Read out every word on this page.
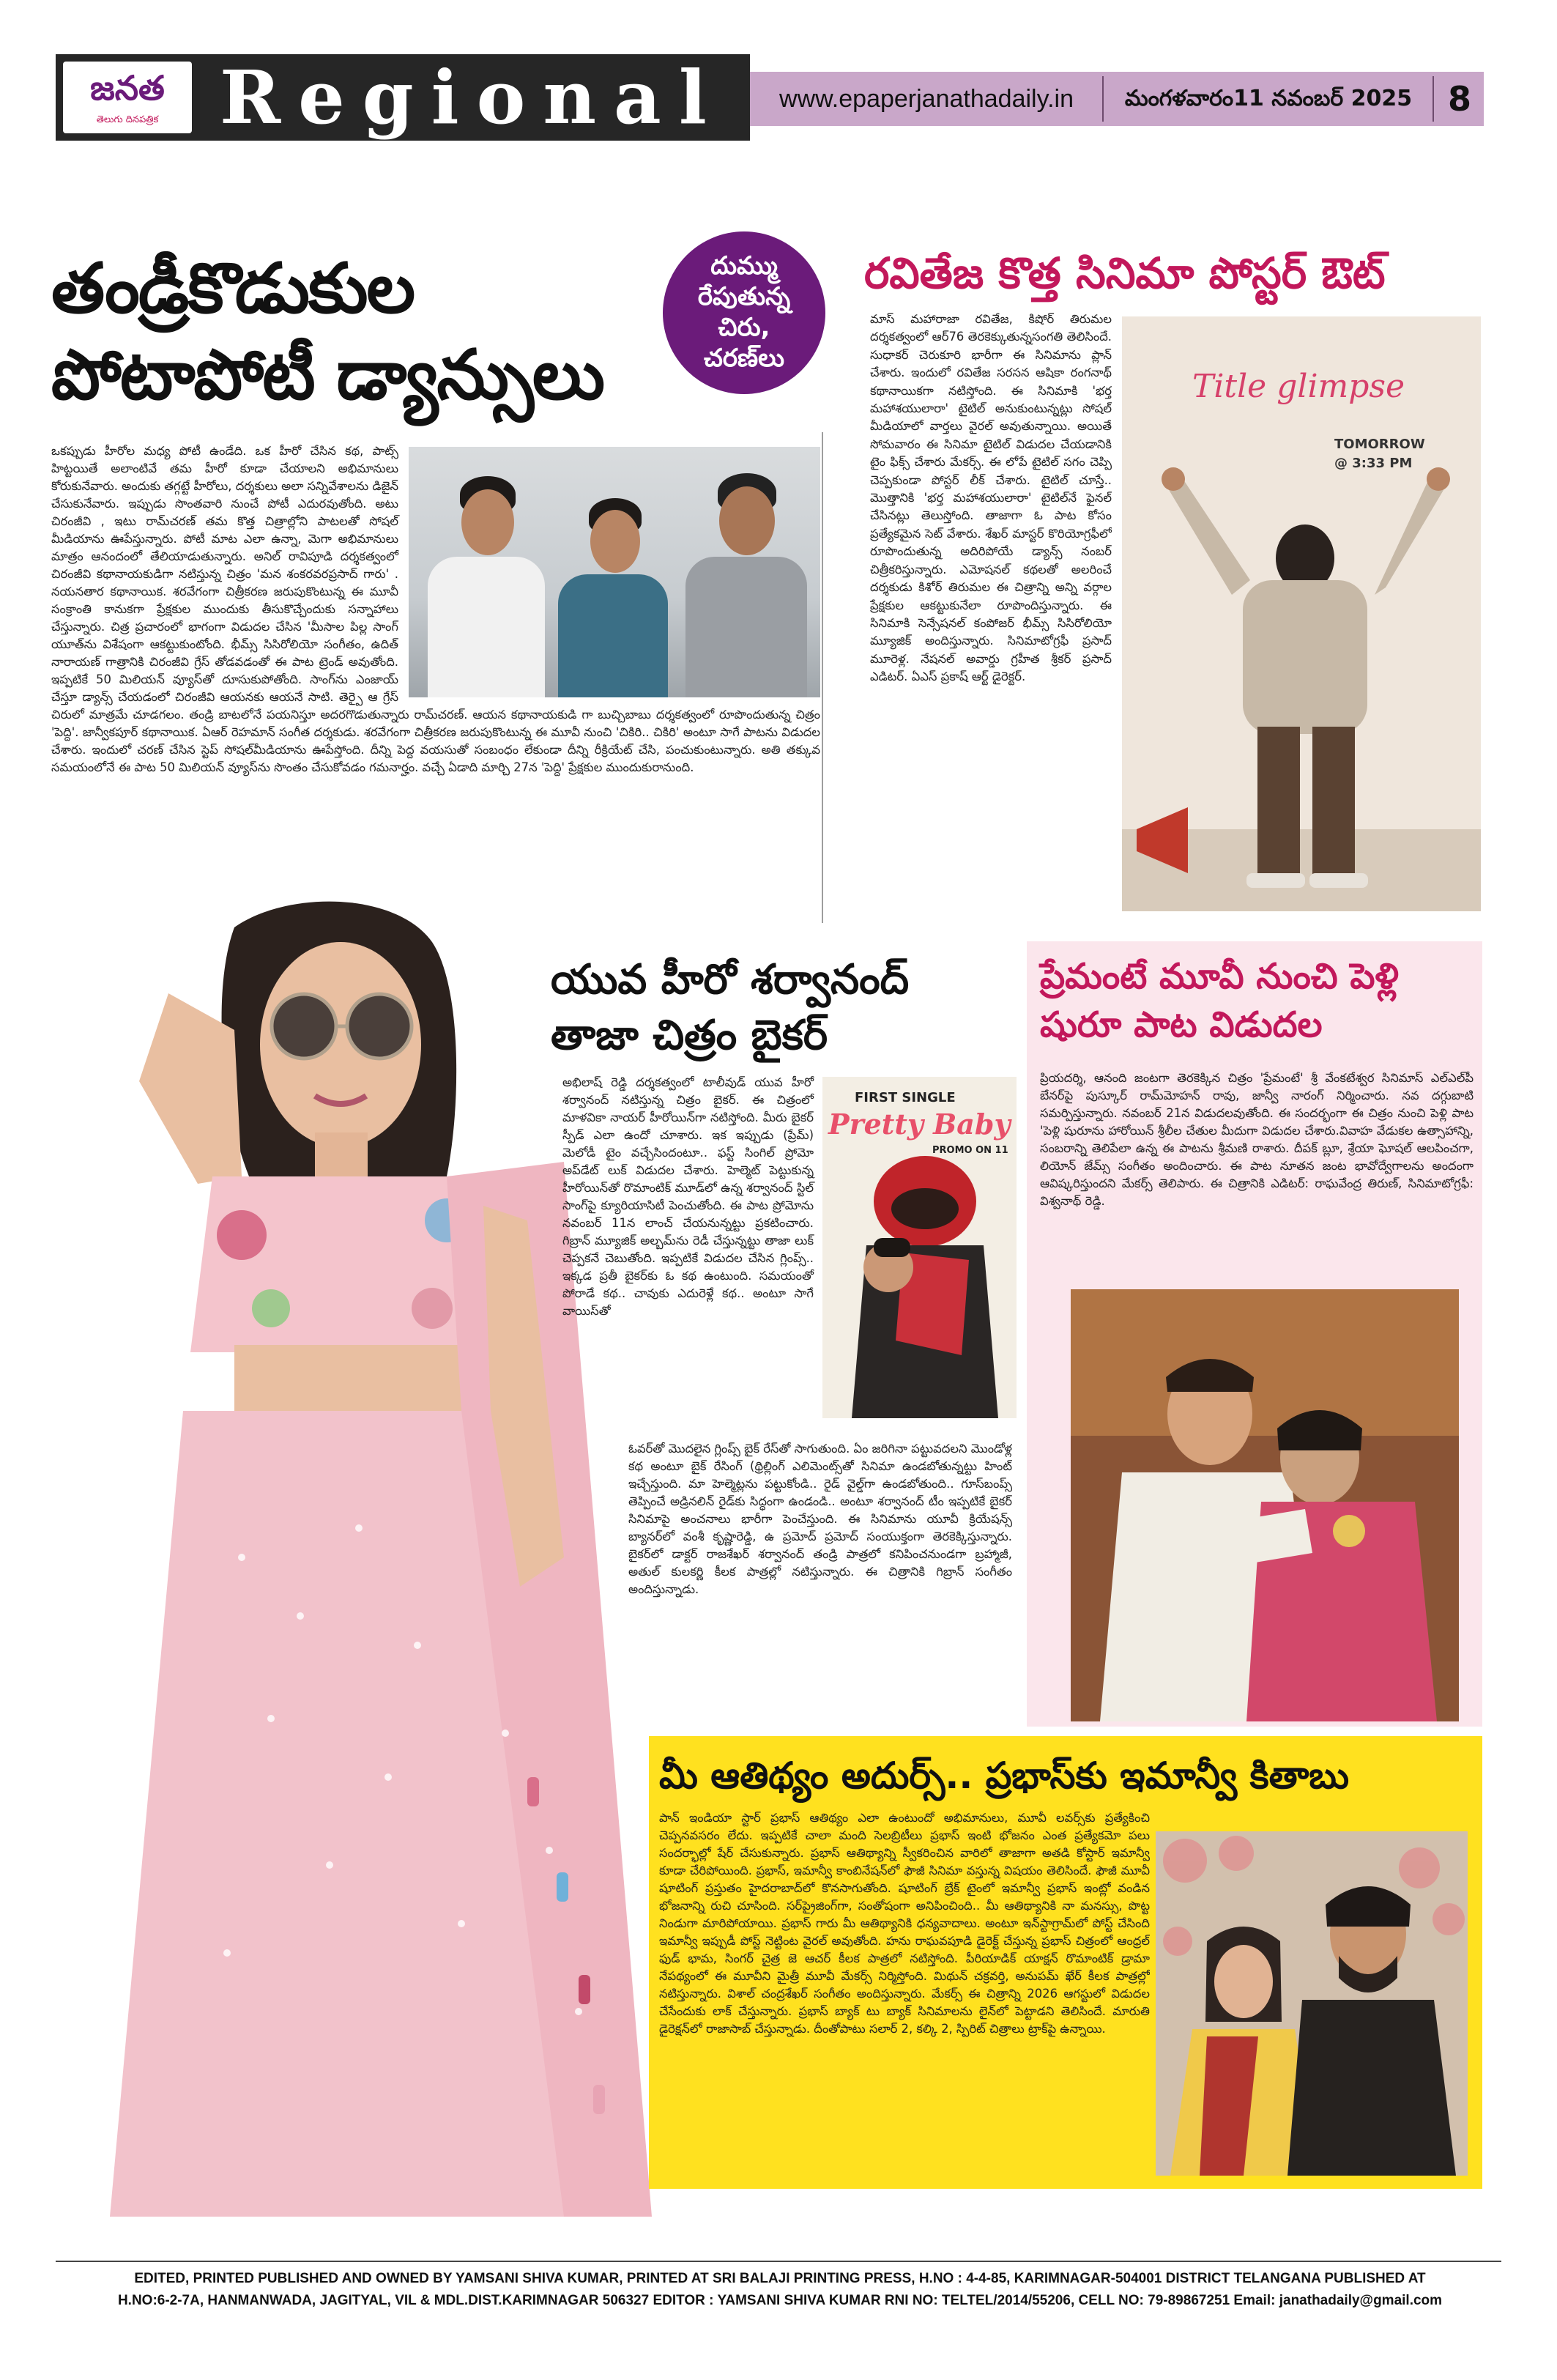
జనత
తెలుగు దినపత్రిక Regional	www.epaperjanathadaily.in	మంగళవారం11 నవంబర్ 2025	8
తండ్రీకొడుకుల పోటాపోటీ డ్యాన్సులు
దుమ్ము
రేపుతున్న
చిరు,
చరణ్‌లు
ఒకప్పుడు హీరోల మధ్య పోటీ ఉండేది. ఒక హీరో చేసిన కథ, పాట్స్‌ హిట్టయితే అలాంటివే తమ హీరో కూడా చేయాలని అభిమానులు కోరుకునేవారు. అందుకు తగ్గట్టే హీరోలు, దర్శకులు అలా సన్నివేశాలను డిజైన్‌ చేసుకునేవారు. ఇప్పుడు సొంతవారి నుంచే పోటీ ఎదురవుతోంది. అటు చిరంజీవి , ఇటు రామ్‌చరణ్‌ తమ కొత్త చిత్రాల్లోని పాటలతో సోషల్‌ మీడియాను ఊపేస్తున్నారు. పోటీ మాట ఎలా ఉన్నా, మెగా అభిమానులు మాత్రం ఆనందంలో తేలియాడుతున్నారు. అనిల్‌ రావిపూడి దర్శకత్వంలో చిరంజీవి కథానాయకుడిగా నటిస్తున్న చిత్రం 'మన శంకరవరప్రసాద్‌ గారు' . నయనతార కథానాయిక. శరవేగంగా చిత్రీకరణ జరుపుకొంటున్న ఈ మూవీ సంక్రాంతి కానుకగా ప్రేక్షకుల ముందుకు తీసుకొచ్చేందుకు సన్నాహాలు చేస్తున్నారు. చిత్ర ప్రచారంలో భాగంగా విడుదల చేసిన 'మీసాల పిల్ల సాంగ్‌ యూత్‌ను విశేషంగా ఆకట్టుకుంటోంది. భీమ్స్‌ సిసిరోలియో సంగీతం, ఉదిత్‌ నారాయణ్‌ గాత్రానికి చిరంజీవి గ్రేస్‌ తోడవడంతో ఈ పాట ట్రెండ్‌ అవుతోంది. ఇప్పటికే 50 మిలియన్‌ వ్యూస్‌తో దూసుకుపోతోంది. సాంగ్‌ను ఎంజాయ్‌ చేస్తూ డ్యాన్స్‌ చేయడంలో చిరంజీవి ఆయనకు ఆయనే సాటి. తెర్పై ఆ గ్రేస్‌ చిరులో మాత్రమే చూడగలం. తండ్రి బాటలోనే పయనిస్తూ అదరగొడుతున్నారు రామ్‌చరణ్‌. ఆయన కథానాయకుడి గా బుచ్చిబాబు దర్శకత్వంలో రూపొందుతున్న చిత్రం 'పెద్ది'. జాన్వీకపూర్‌ కథానాయిక. ఏఆర్‌ రెహమాన్‌ సంగీత దర్శకుడు. శరవేగంగా చిత్రీకరణ జరుపుకొంటున్న ఈ మూవీ నుంచి 'చికిరి.. చికిరి' అంటూ సాగే పాటను విడుదల చేశారు. ఇందులో చరణ్‌ చేసిన స్టెప్‌ సోషల్‌మీడియాను ఊపేస్తోంది. దీన్ని పెద్ద వయసుతో సంబంధం లేకుండా దీన్ని రీక్రియేట్‌ చేసి, పంచుకుంటున్నారు. అతి తక్కువ సమయంలోనే ఈ పాట 50 మిలియన్‌ వ్యూస్‌ను సొంతం చేసుకోవడం గమనార్హం. వచ్చే ఏడాది మార్చి 27న 'పెద్ది' ప్రేక్షకుల ముందుకురానుంది.
రవితేజ కొత్త సినిమా పోస్టర్‌ ఔట్‌
మాస్‌ మహారాజా రవితేజ, కిషోర్‌ తిరుమల దర్శకత్వంలో ఆర్‌76 తెరకెక్కుతున్నసంగతి తెలిసిందే. సుధాకర్‌ చెరుకూరి భారీగా ఈ సినిమాను ప్లాన్‌ చేశారు. ఇందులో రవితేజ సరసన ఆషికా రంగనాథ్‌ కథానాయికగా నటిస్తోంది. ఈ సినిమాకి 'భర్త మహాశయులారా' టైటిల్‌ అనుకుంటున్నట్లు సోషల్‌ మీడియాలో వార్తలు వైరల్‌ అవుతున్నాయి. అయితే సోమవారం ఈ సినిమా టైటిల్‌ విడుదల చేయడానికి టైం ఫిక్స్‌ చేశారు మేకర్స్‌. ఈ లోపే టైటిల్‌ సగం చెప్పి చెప్పకుండా పోస్టర్‌ లీక్‌ చేశారు. టైటిల్‌ చూస్తే.. మొత్తానికి 'భర్త మహాశయులారా' టైటిల్‌నే ఫైనల్‌ చేసినట్లు తెలుస్తోంది. తాజాగా ఓ పాట కోసం ప్రత్యేకమైన సెట్‌ వేశారు. శేఖర్‌ మాస్టర్‌ కొరియోగ్రఫీలో రూపొందుతున్న అదిరిపోయే డ్యాన్స్‌ నంబర్‌ చిత్రీకరిస్తున్నారు. ఎమోషనల్‌ కథలతో అలరించే దర్శకుడు కిశోర్‌ తిరుమల ఈ చిత్రాన్ని అన్ని వర్గాల ప్రేక్షకుల ఆకట్టుకునేలా రూపొందిస్తున్నారు. ఈ సినిమాకి సెన్సేషనల్‌ కంపోజర్‌ భీమ్స్‌ సిసిరోలియో మ్యూజిక్‌ అందిస్తున్నారు. సినిమాటోగ్రఫీ ప్రసాద్‌ మూరెళ్ల. నేషనల్‌ అవార్డు గ్రహీత శ్రీకర్‌ ప్రసాద్‌ ఎడిటర్‌. ఏఎస్‌ ప్రకాష్‌ ఆర్ట్‌ డైరెక్టర్‌.
Title glimpse
TOMORROW
@ 3:33 PM
యువ హీరో శర్వానంద్‌ తాజా చిత్రం బైకర్‌
FIRST SINGLE
Pretty Baby
PROMO ON 11
అభిలాష్‌ రెడ్డి దర్శకత్వంలో టాలీవుడ్‌ యువ హీరో శర్వానంద్‌ నటిస్తున్న చిత్రం బైకర్‌. ఈ చిత్రంలో మాళవికా నాయర్‌ హీరోయిన్‌గా నటిస్తోంది. మీరు బైకర్‌ స్పీడ్‌ ఎలా ఉందో చూశారు. ఇక ఇప్పుడు (ప్రేమ్‌) మెలోడీ టైం వచ్చేసిందంటూ.. ఫస్ట్‌ సింగిల్‌ ప్రోమో అప్‌డేట్‌ లుక్‌ విడుదల చేశారు. హెల్మెట్‌ పెట్టుకున్న హీరోయిన్‌తో రొమాంటిక్‌ మూడ్‌లో ఉన్న శర్వానంద్‌ స్టిల్‌ సాంగ్‌పై క్యూరియాసిటీ పెంచుతోంది. ఈ పాట ప్రోమోను నవంబర్‌ 11న లాంచ్‌ చేయనున్నట్టు ప్రకటించారు. గిబ్రాన్‌ మ్యూజిక్‌ అల్బమ్‌ను రెడీ చేస్తున్నట్టు తాజా లుక్‌ చెప్పకనే చెబుతోంది. ఇప్పటికే విడుదల చేసిన గ్లింప్స్‌.. ఇక్కడ ప్రతీ బైకర్‌కు ఓ కథ ఉంటుంది. సమయంతో పోరాడే కథ.. చావుకు ఎదురెళ్లే కథ.. అంటూ సాగే వాయిస్‌తో
ఓవర్‌తో మొదలైన గ్లింప్స్‌ బైక్‌ రేస్‌తో సాగుతుంది. ఏం జరిగినా పట్టువదలని మొండోళ్ల కథ అంటూ బైక్‌ రేసింగ్‌ (థ్రిల్లింగ్‌ ఎలిమెంట్స్‌తో సినిమా ఉండబోతున్నట్టు హింట్‌ ఇచ్చేస్తుంది. మా హెల్మెట్లను పట్టుకోండి.. రైడ్‌ వైల్డ్‌గా ఉండబోతుంది.. గూస్‌బంప్స్‌ తెప్పించే అడ్రినలిన్‌ రైడ్‌కు సిద్ధంగా ఉండండి.. అంటూ శర్వానంద్‌ టీం ఇప్పటికే బైకర్‌ సినిమాపై అంచనాలు భారీగా పెంచేస్తుంది. ఈ సినిమాను యూవీ క్రియేషన్స్‌ బ్యానర్‌లో వంశీ కృష్ణారెడ్డి, ఉ ప్రమోద్‌ ప్రమోద్‌ సంయుక్తంగా తెరకెక్కిస్తున్నారు. బైకర్‌లో డాక్టర్‌ రాజశేఖర్‌ శర్వానంద్‌ తండ్రి పాత్రలో కనిపించనుండగా బ్రహ్మాజీ, అతుల్‌ కులకర్ణి కీలక పాత్రల్లో నటిస్తున్నారు. ఈ చిత్రానికి గిబ్రాన్‌ సంగీతం అందిస్తున్నాడు.
ప్రేమంటే మూవీ నుంచి పెళ్లి షురూ పాట విడుదల
ప్రియదర్శి, ఆనంది జంటగా తెరకెక్కిన చిత్రం 'ప్రేమంటే' శ్రీ వేంకటేశ్వర సినిమాస్‌ ఎల్‌ఎల్‌పీ బేనర్‌పై పుస్కూర్‌ రామ్‌మోహన్‌ రావు, జాన్వీ నారంగ్‌ నిర్మించారు. నవ దగ్గుబాటి సమర్పిస్తున్నారు. నవంబర్‌ 21న విడుదలవుతోంది. ఈ సందర్భంగా ఈ చిత్రం నుంచి పెళ్లి పాట 'పెళ్లి షురూను హారోయిన్‌ శ్రీలీల చేతుల మీదుగా విడుదల చేశారు.వివాహ వేడుకల ఉత్సాహాన్ని, సంబరాన్ని తెలిపేలా ఉన్న ఈ పాటను శ్రీమణి రాశారు. దీపక్‌ బ్లూ, శ్రేయా ఘోషల్‌ ఆలపించగా, లియోన్‌ జేమ్స్‌ సంగీతం అందించారు. ఈ పాట నూతన జంట భావోద్వేగాలను అందంగా ఆవిష్కరిస్తుందని మేకర్స్‌ తెలిపారు. ఈ చిత్రానికి ఎడిటర్‌: రాఘవేంద్ర తిరుణ్‌, సినిమాటోగ్రఫీ: విశ్వనాథ్‌ రెడ్డి.
మీ ఆతిథ్యం అదుర్స్‌.. ప్రభాస్‌కు ఇమాన్వీ కితాబు
పాన్‌ ఇండియా స్టార్‌ ప్రభాస్‌ ఆతిథ్యం ఎలా ఉంటుందో అభిమానులు, మూవీ లవర్స్‌కు ప్రత్యేకించి చెప్పనవసరం లేదు. ఇప్పటికే చాలా మంది సెలబ్రిటీలు ప్రభాస్‌ ఇంటి భోజనం ఎంత ప్రత్యేకమో పలు సందర్భాల్లో షేర్‌ చేసుకున్నారు. ప్రభాస్‌ ఆతిథ్యాన్ని స్వీకరించిన వారిలో తాజాగా అతడి కోస్టార్‌ ఇమాన్వీ కూడా చేరిపోయింది. ప్రభాస్‌, ఇమాన్వీ కాంబినేషన్‌లో ఫౌజీ సినిమా వస్తున్న విషయం తెలిసిందే. ఫౌజీ మూవీ షూటింగ్‌ ప్రస్తుతం హైదరాబాద్‌లో కొనసాగుతోంది. షూటింగ్‌ బ్రేక్‌ టైంలో ఇమాన్వీ ప్రభాస్‌ ఇంట్లో వండిన భోజనాన్ని రుచి చూసింది. సర్‌ప్రైజింగ్‌గా, సంతోషంగా అనిపించింది.. మీ ఆతిథ్యానికి నా మనస్సు, పొట్ట నిండుగా మారిపోయాయి. ప్రభాస్‌ గారు మీ ఆతిథ్యానికి ధన్యవాదాలు. అంటూ ఇన్‌స్టాగ్రామ్‌లో పోస్ట్‌ చేసింది ఇమాన్వీ ఇప్పుడీ పోస్ట్‌ నెట్టింట వైరల్‌ అవుతోంది. హను రాఘవపూడి డైరెక్ట్‌ చేస్తున్న ప్రభాస్‌ చిత్రంలో ఆంధ్రల్‌ ఫుడ్‌ భామ, సింగర్‌ చైత్ర జె ఆచర్‌ కీలక పాత్రలో నటిస్తోంది. పీరియాడిక్‌ యాక్షన్‌ రొమాంటిక్‌ డ్రామా నేపథ్యంలో ఈ మూవీని మైత్రీ మూవీ మేకర్స్‌ నిర్మిస్తోంది. మిథున్‌ చక్రవర్తి, అనుపమ్‌ ఖేర్‌ కీలక పాత్రల్లో నటిస్తున్నారు. విశాల్‌ చంద్రశేఖర్‌ సంగీతం అందిస్తున్నారు. మేకర్స్‌ ఈ చిత్రాన్ని 2026 ఆగస్టులో విడుదల చేసేందుకు లాక్‌ చేస్తున్నారు. ప్రభాస్‌ బ్యాక్‌ టు బ్యాక్‌ సినిమాలను లైన్‌లో పెట్టాడని తెలిసిందే. మారుతి డైరెక్షన్‌లో రాజాసాబ్‌ చేస్తున్నాడు. దీంతోపాటు సలార్‌ 2, కల్కి 2, స్పిరిట్‌ చిత్రాలు ట్రాక్‌పై ఉన్నాయి.
EDITED, PRINTED PUBLISHED AND OWNED BY YAMSANI SHIVA KUMAR, PRINTED AT SRI BALAJI PRINTING PRESS, H.NO : 4-4-85, KARIMNAGAR-504001 DISTRICT TELANGANA PUBLISHED AT
H.NO:6-2-7A, HANMANWADA, JAGITYAL, VIL & MDL.DIST.KARIMNAGAR 506327 EDITOR : YAMSANI SHIVA KUMAR RNI NO: TELTEL/2014/55206, CELL NO: 79-89867251 Email: janathadaily@gmail.com
